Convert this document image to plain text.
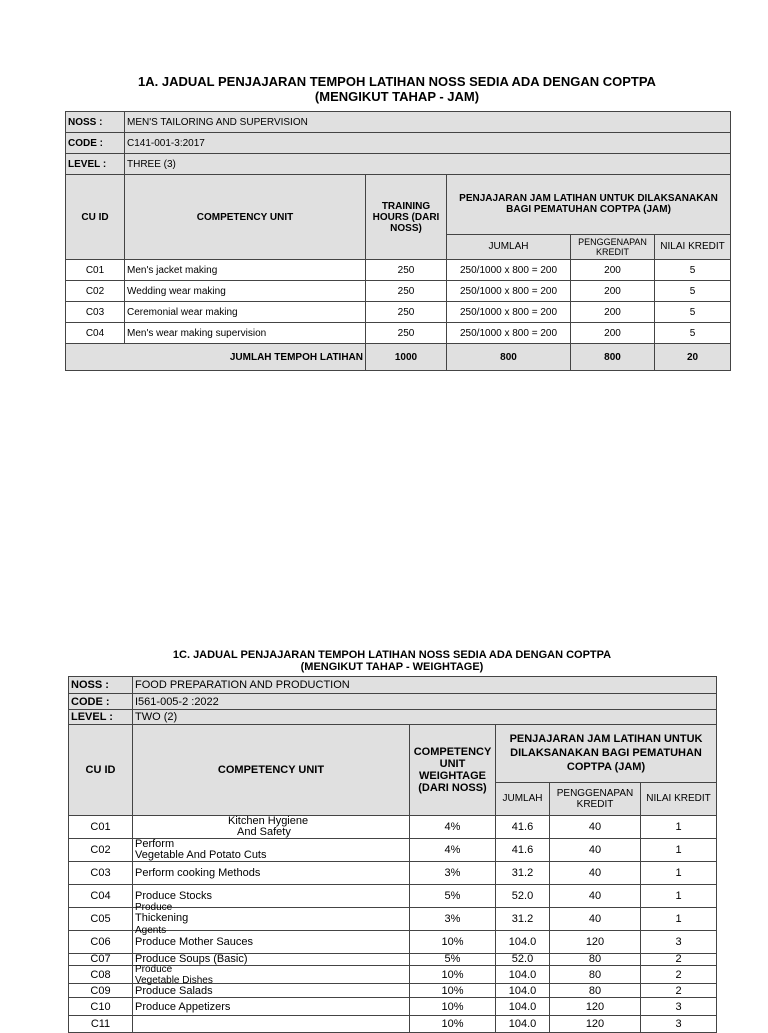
1A. JADUAL PENJAJARAN TEMPOH LATIHAN NOSS SEDIA ADA DENGAN COPTPA
(MENGIKUT TAHAP - JAM)
NOSS :	MEN'S TAILORING AND SUPERVISION				
CODE :	C141-001-3:2017				
LEVEL :	THREE (3)				
CU ID	COMPETENCY UNIT	TRAINING HOURS (DARI NOSS)	PENJAJARAN JAM LATIHAN UNTUK DILAKSANAKAN BAGI PEMATUHAN COPTPA (JAM)		
			JUMLAH	PENGGENAPAN KREDIT	NILAI KREDIT
C01	Men's jacket making	250	250/1000 x 800 = 200	200	5
C02	Wedding wear making	250	250/1000 x 800 = 200	200	5
C03	Ceremonial wear making	250	250/1000 x 800 = 200	200	5
C04	Men's wear making supervision	250	250/1000 x 800 = 200	200	5
JUMLAH TEMPOH LATIHAN		1000	800	800	20
1C. JADUAL PENJAJARAN TEMPOH LATIHAN NOSS SEDIA ADA DENGAN COPTPA
(MENGIKUT TAHAP - WEIGHTAGE)
NOSS :	FOOD PREPARATION AND PRODUCTION				
CODE :	I561-005-2 :2022				
LEVEL :	TWO (2)				
CU ID	COMPETENCY UNIT	COMPETENCY UNIT WEIGHTAGE (DARI NOSS)	PENJAJARAN JAM LATIHAN UNTUK DILAKSANAKAN BAGI PEMATUHAN COPTPA (JAM)		
			JUMLAH	PENGGENAPAN KREDIT	NILAI KREDIT
C01	Kitchen Hygiene
And Safety	4%	41.6	40	1
C02	Perform
Vegetable And Potato Cuts	4%	41.6	40	1
C03	Perform cooking Methods	3%	31.2	40	1
C04	Produce Stocks	5%	52.0	40	1
C05	Produce
Thickening
Agents	3%	31.2	40	1
C06	Produce Mother Sauces	10%	104.0	120	3
C07	Produce Soups (Basic)	5%	52.0	80	2
C08	Produce
Vegetable Dishes	10%	104.0	80	2
C09	Produce Salads	10%	104.0	80	2
C10	Produce Appetizers	10%	104.0	120	3
C11		10%	104.0	120	3
